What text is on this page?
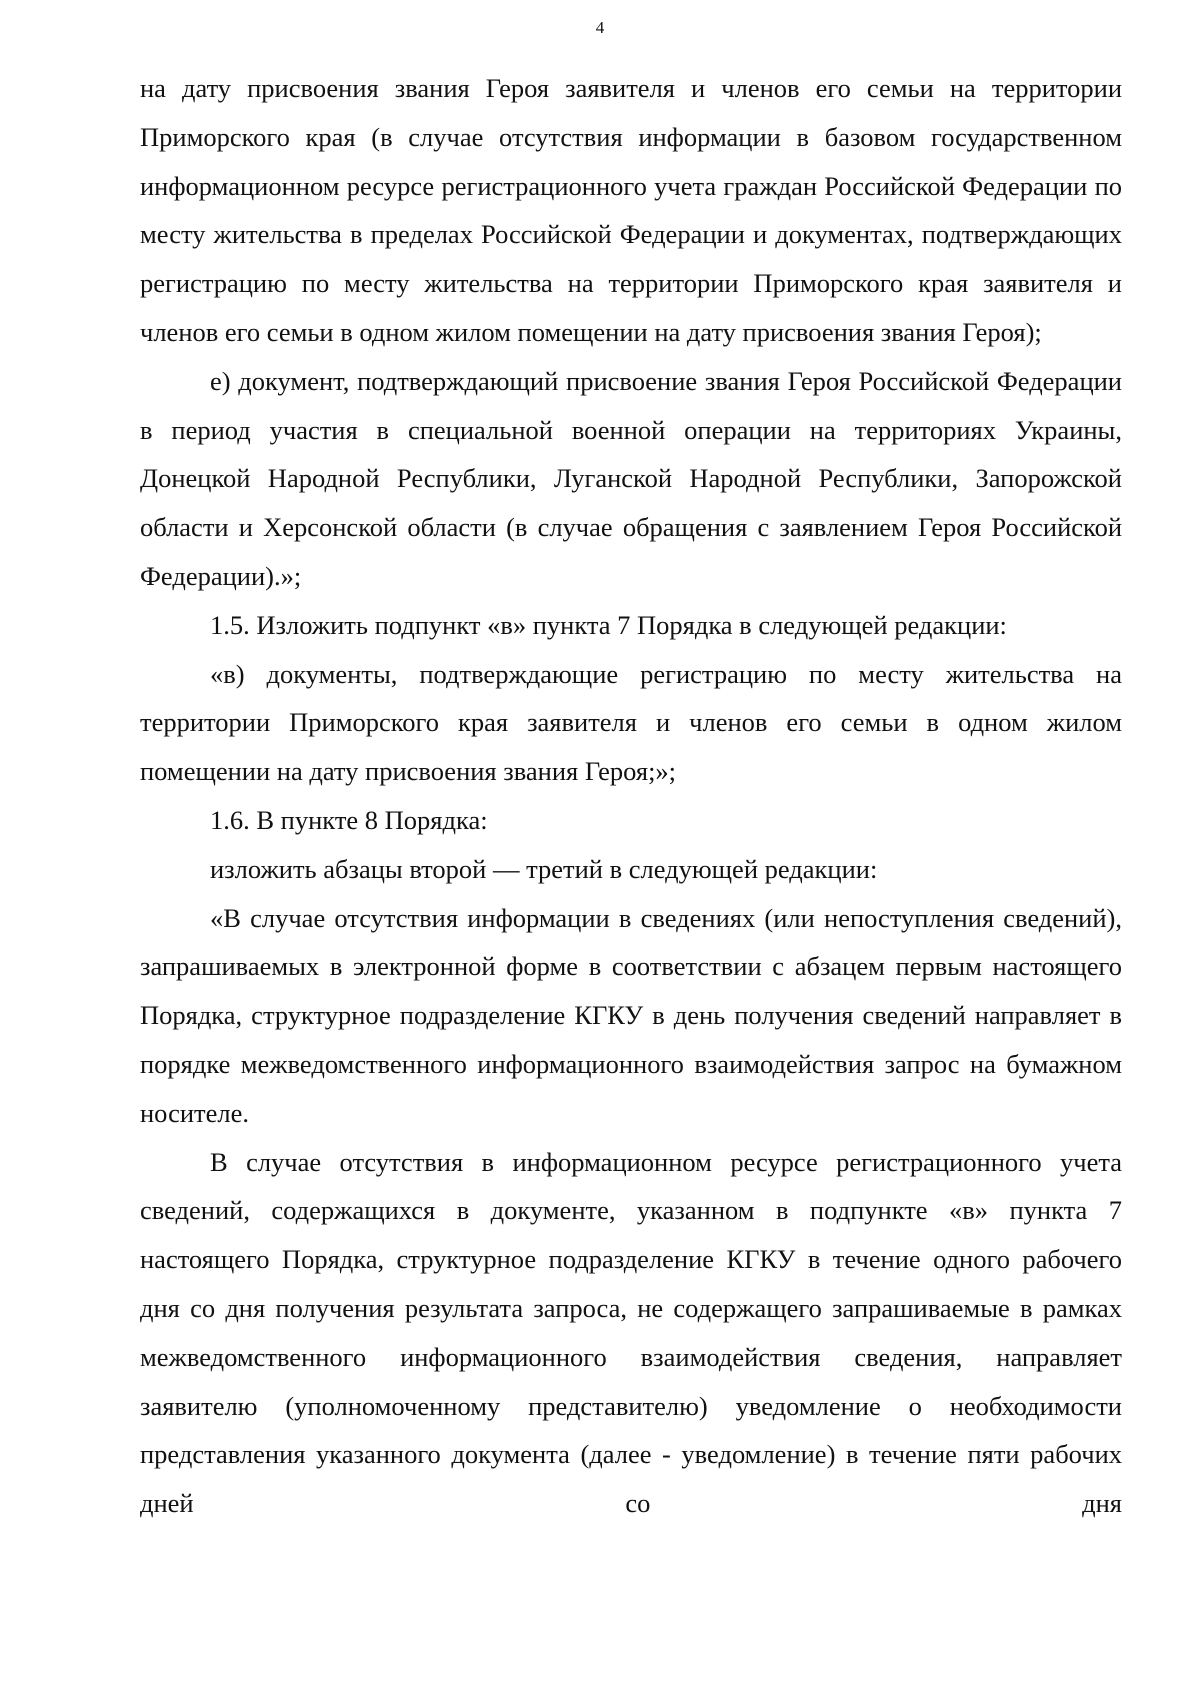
4

на дату присвоения звания Героя заявителя и членов его семьи на территории Приморского края (в случае отсутствия информации в базовом государственном информационном ресурсе регистрационного учета граждан Российской Федерации по месту жительства в пределах Российской Федерации и документах, подтверждающих регистрацию по месту жительства на территории Приморского края заявителя и членов его семьи в одном жилом помещении на дату присвоения звания Героя);

е) документ, подтверждающий присвоение звания Героя Российской Федерации в период участия в специальной военной операции на территориях Украины, Донецкой Народной Республики, Луганской Народной Республики, Запорожской области и Херсонской области (в случае обращения с заявлением Героя Российской Федерации).»;

1.5. Изложить подпункт «в» пункта 7 Порядка в следующей редакции:

«в) документы, подтверждающие регистрацию по месту жительства на территории Приморского края заявителя и членов его семьи в одном жилом помещении на дату присвоения звания Героя;»;

1.6. В пункте 8 Порядка:

изложить абзацы второй — третий в следующей редакции:

«В случае отсутствия информации в сведениях (или непоступления сведений), запрашиваемых в электронной форме в соответствии с абзацем первым настоящего Порядка, структурное подразделение КГКУ в день получения сведений направляет в порядке межведомственного информационного взаимодействия запрос на бумажном носителе.

В случае отсутствия в информационном ресурсе регистрационного учета сведений, содержащихся в документе, указанном в подпункте «в» пункта 7 настоящего Порядка, структурное подразделение КГКУ в течение одного рабочего дня со дня получения результата запроса, не содержащего запрашиваемые в рамках межведомственного информационного взаимодействия сведения, направляет заявителю (уполномоченному представителю) уведомление о необходимости представления указанного документа (далее - уведомление) в течение пяти рабочих дней со дня
